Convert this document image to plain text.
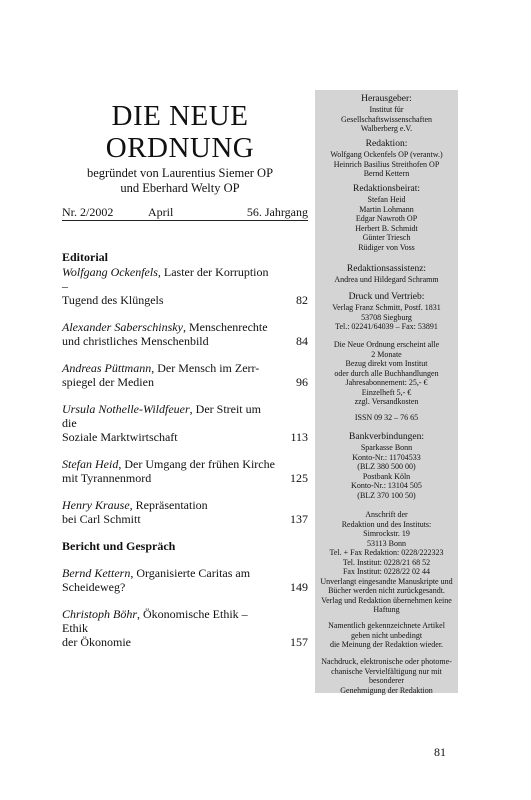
DIE NEUE
ORDNUNG
begründet von Laurentius Siemer OP
und Eberhard Welty OP
Nr. 2/2002	April	56. Jahrgang
Editorial
Wolfgang Ockenfels, Laster der Korruption –
Tugend des Klüngels	82
Alexander Saberschinsky, Menschenrechte
und christliches Menschenbild	84
Andreas Püttmann, Der Mensch im Zerr-
spiegel der Medien	96
Ursula Nothelle-Wildfeuer, Der Streit um die
Soziale Marktwirtschaft	113
Stefan Heid, Der Umgang der frühen Kirche
mit Tyrannenmord	125
Henry Krause, Repräsentation
bei Carl Schmitt	137
Bericht und Gespräch
Bernd Kettern, Organisierte Caritas am
Scheideweg?	149
Christoph Böhr, Ökonomische Ethik – Ethik
der Ökonomie	157
Herausgeber:
Institut für
Gesellschaftswissenschaften
Walberberg e.V.
Redaktion:
Wolfgang Ockenfels OP (verantw.)
Heinrich Basilius Streithofen OP
Bernd Kettern
Redaktionsbeirat:
Stefan Heid
Martin Lohmann
Edgar Nawroth OP
Herbert B. Schmidt
Günter Triesch
Rüdiger von Voss
Redaktionsassistenz:
Andrea und Hildegard Schramm
Druck und Vertrieb:
Verlag Franz Schmitt, Postf. 1831
53708 Siegburg
Tel.: 02241/64039 – Fax: 53891
Die Neue Ordnung erscheint alle
2 Monate
Bezug direkt vom Institut
oder durch alle Buchhandlungen
Jahresabonnement: 25,- €
Einzelheft 5,- €
zzgl. Versandkosten
ISSN 09 32 – 76 65
Bankverbindungen:
Sparkasse Bonn
Konto-Nr.: 11704533
(BLZ 380 500 00)
Postbank Köln
Konto-Nr.: 13104 505
(BLZ 370 100 50)
Anschrift der
Redaktion und des Instituts:
Simrockstr. 19
53113 Bonn
Tel. + Fax Redaktion: 0228/222323
Tel. Institut: 0228/21 68 52
Fax Institut: 0228/22 02 44
Unverlangt eingesandte Manuskripte und
Bücher werden nicht zurückgesandt.
Verlag und Redaktion übernehmen keine
Haftung
Namentlich gekennzeichnete Artikel
geben nicht unbedingt
die Meinung der Redaktion wieder.
Nachdruck, elektronische oder photome-
chanische Vervielfältigung nur mit
besonderer
Genehmigung der Redaktion
81
